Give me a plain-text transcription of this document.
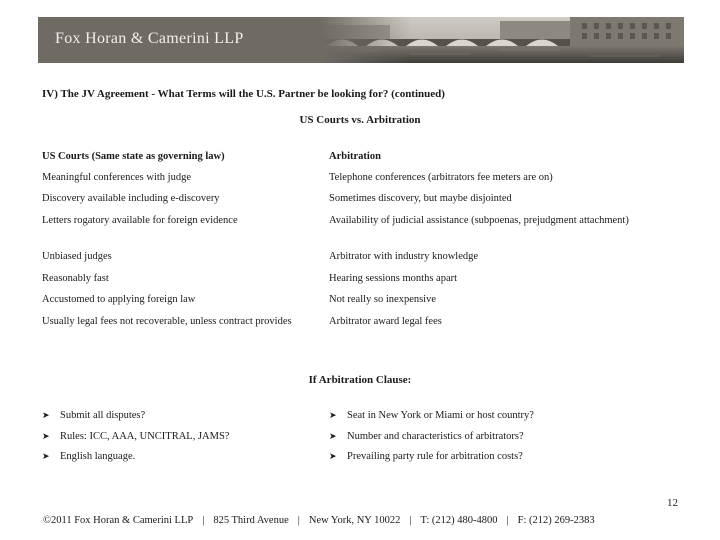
Fox Horan & Camerini LLP
IV) The JV Agreement - What Terms will the U.S. Partner be looking for? (continued)
US Courts vs. Arbitration
US Courts (Same state as governing law)	Arbitration
Meaningful conferences with judge	Telephone conferences (arbitrators fee meters are on)
Discovery available including e-discovery	Sometimes discovery, but maybe disjointed
Letters rogatory available for foreign evidence	Availability of judicial assistance (subpoenas, prejudgment attachment)
Unbiased judges	Arbitrator with industry knowledge
Reasonably fast	Hearing sessions months apart
Accustomed to applying foreign law	Not really so inexpensive
Usually legal fees not recoverable, unless contract provides	Arbitrator award legal fees
If Arbitration Clause:
➤ Submit all disputes?
➤ Rules: ICC, AAA, UNCITRAL, JAMS?
➤ English language.
➤ Seat in New York or Miami or host country?
➤ Number and characteristics of arbitrators?
➤ Prevailing party rule for arbitration costs?
12
©2011 Fox Horan & Camerini LLP | 825 Third Avenue | New York, NY 10022 | T: (212) 480-4800 | F: (212) 269-2383
